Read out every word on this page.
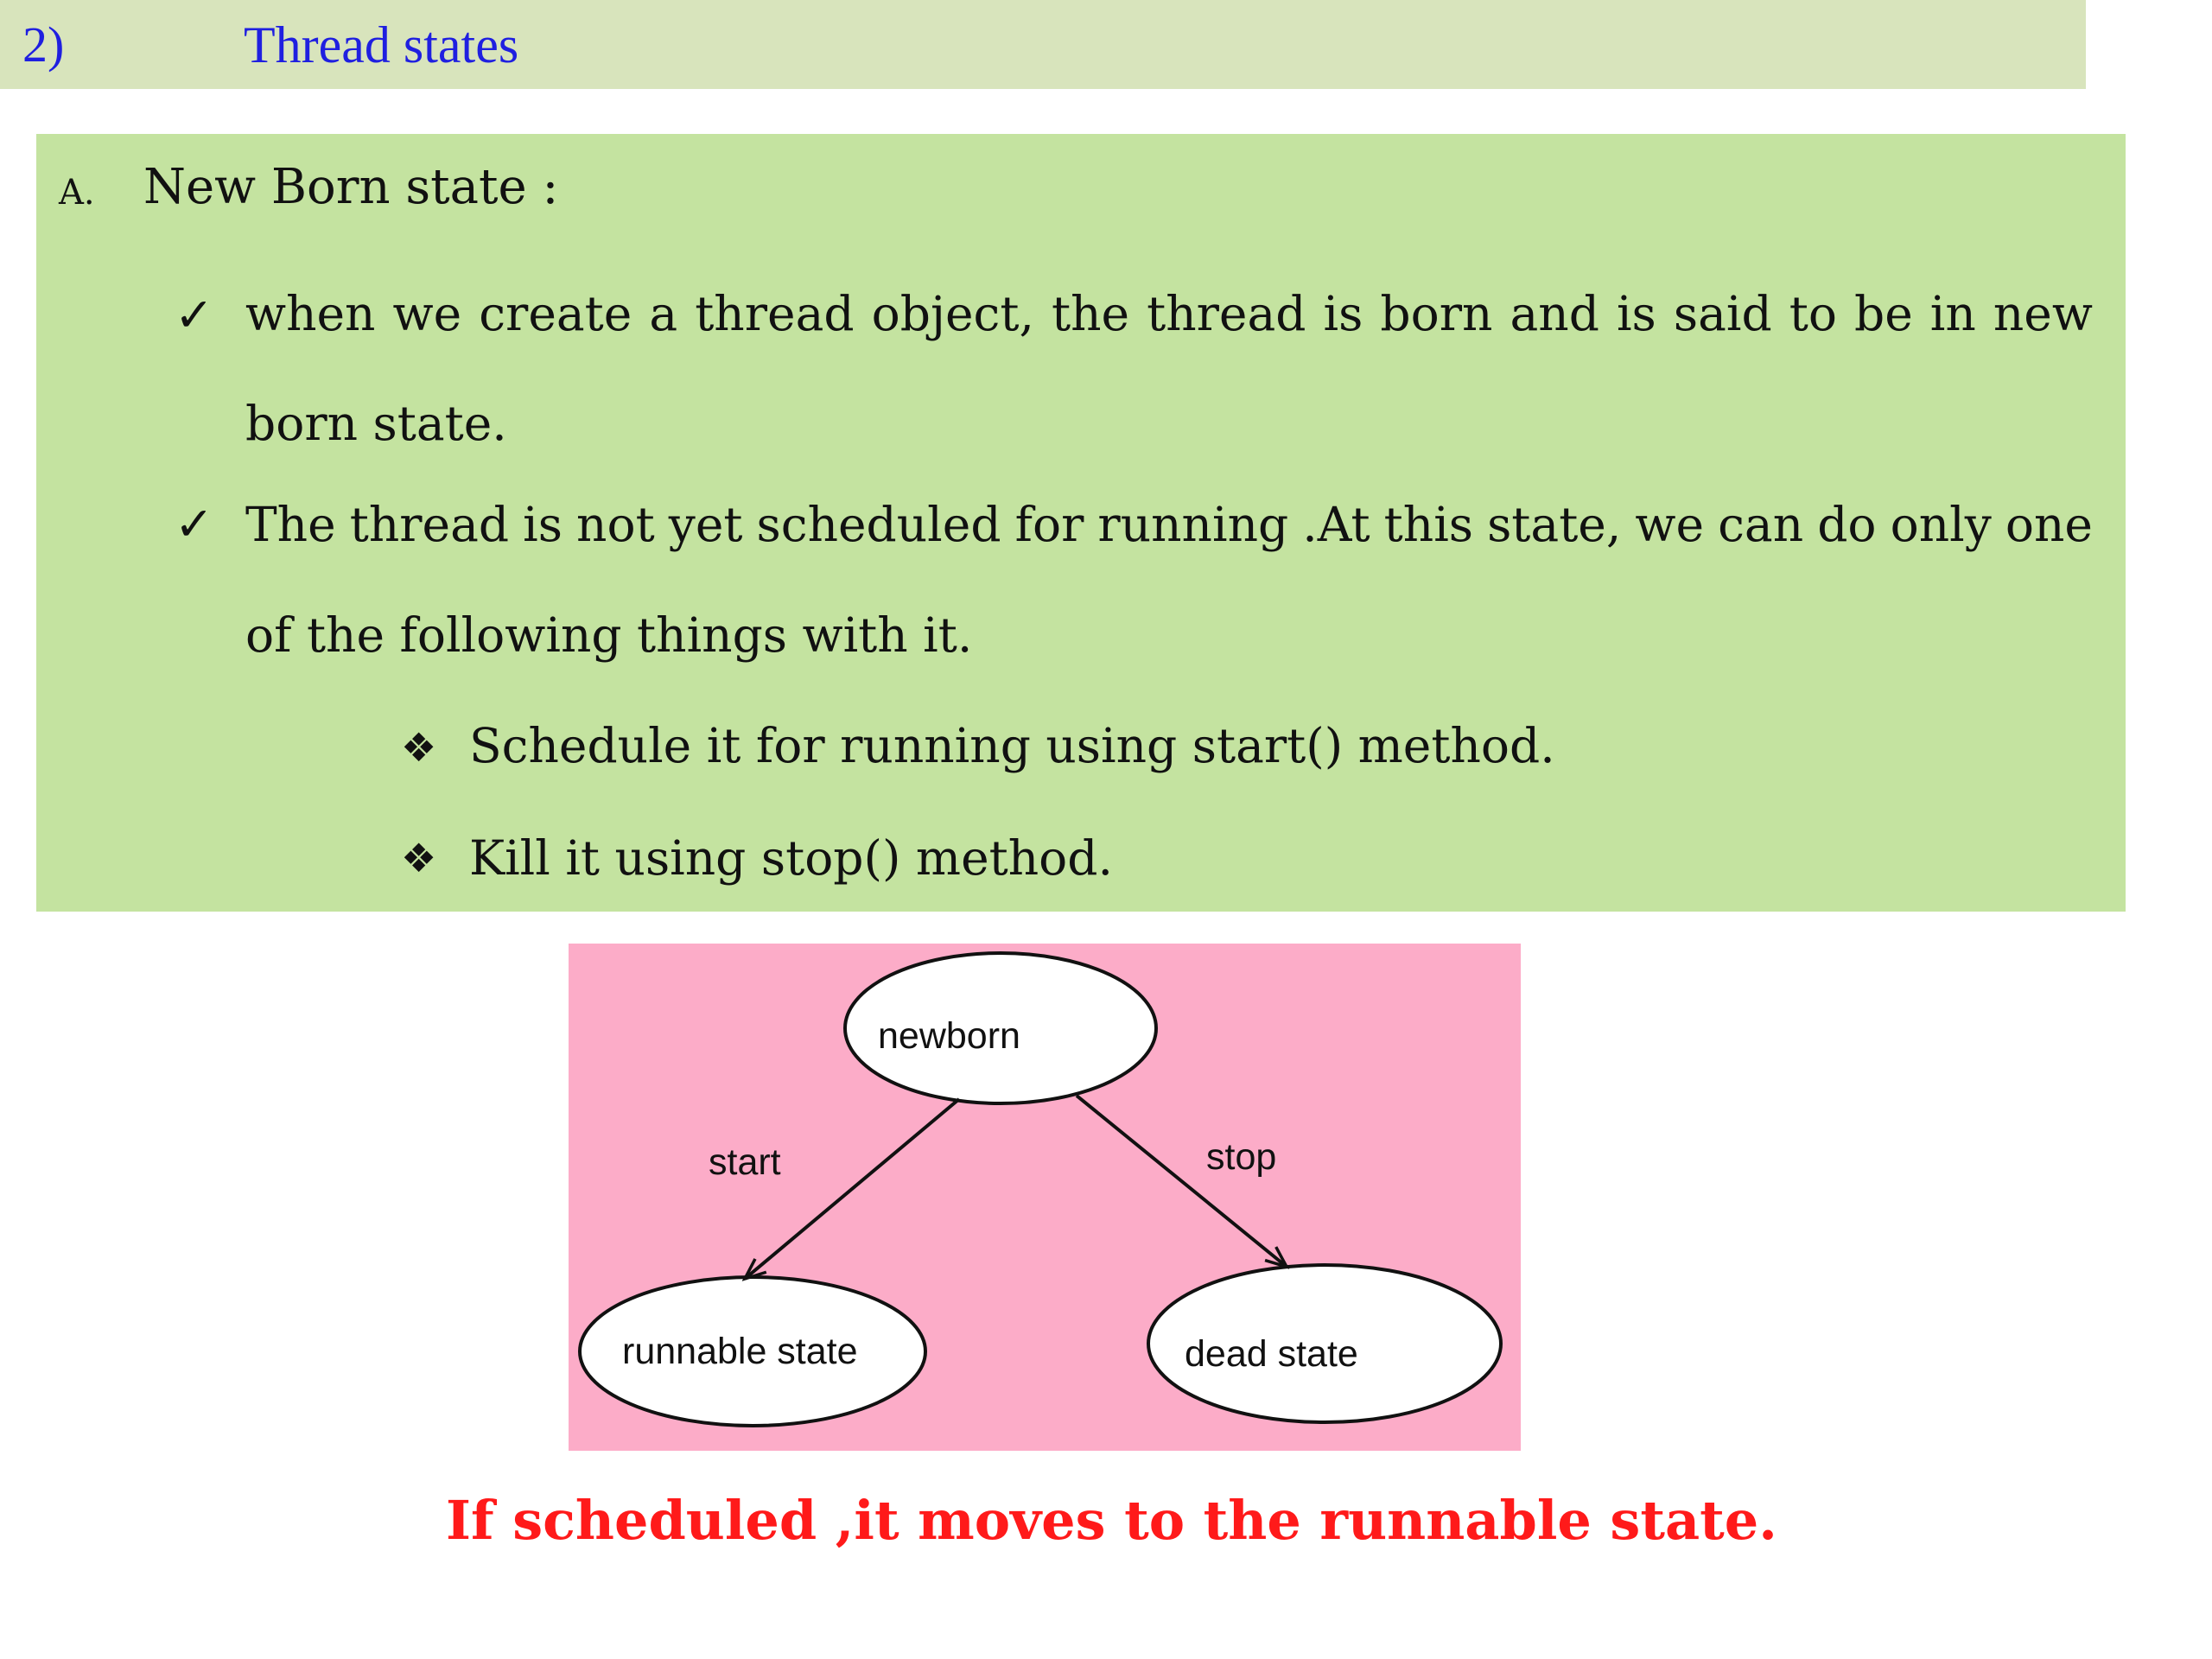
2)	Thread states
A. New Born state :
✓ when we create a thread object, the thread is born and is said to be in new
born state.
✓ The thread is not yet scheduled for running .At this state, we can do only one
of the following things with it.
❖ Schedule it for running using start() method.
❖ Kill it using stop() method.
newborn
start	stop
runnable state	dead state
If scheduled ,it moves to the runnable state.
